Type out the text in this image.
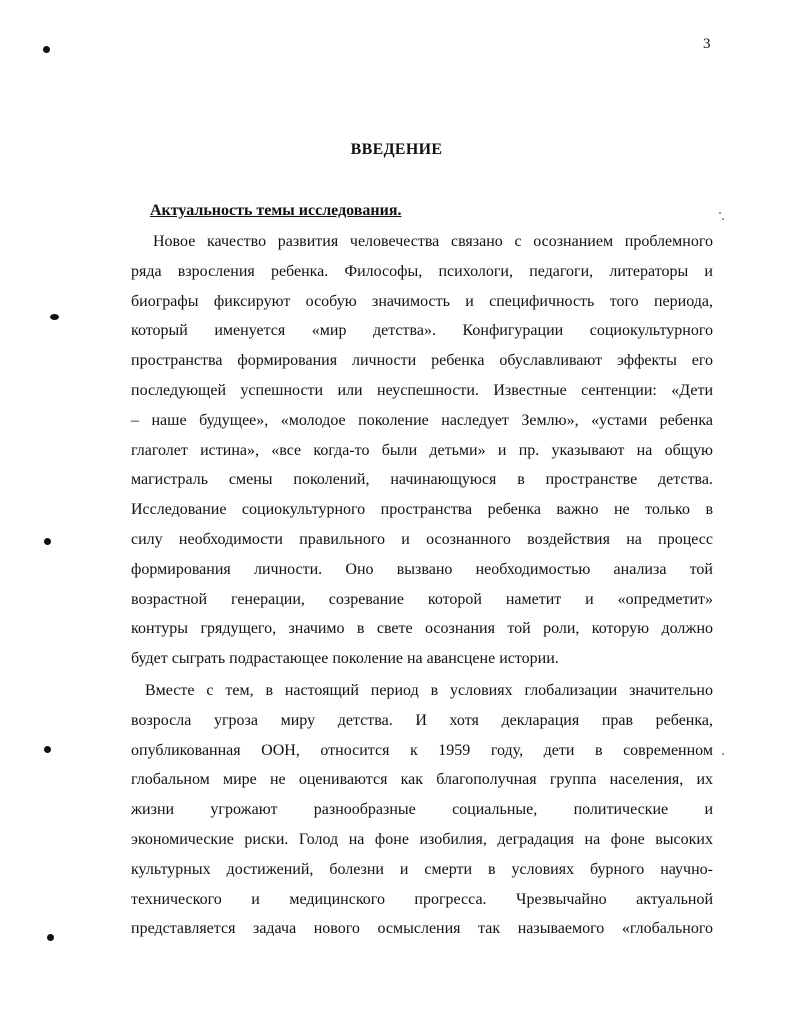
3
ВВЕДЕНИЕ
Актуальность темы исследования.
Новое качество развития человечества связано с осознанием проблемного
ряда взросления ребенка. Философы, психологи, педагоги, литераторы и
биографы фиксируют особую значимость и специфичность того периода,
который именуется «мир детства». Конфигурации социокультурного
пространства формирования личности ребенка обуславливают эффекты его
последующей успешности или неуспешности. Известные сентенции: «Дети
– наше будущее», «молодое поколение наследует Землю», «устами ребенка
глаголет истина», «все когда-то были детьми» и пр. указывают на общую
магистраль смены поколений, начинающуюся в пространстве детства.
Исследование социокультурного пространства ребенка важно не только в
силу необходимости правильного и осознанного воздействия на процесс
формирования личности. Оно вызвано необходимостью анализа той
возрастной генерации, созревание которой наметит и «опредметит»
контуры грядущего, значимо в свете осознания той роли, которую должно
будет сыграть подрастающее поколение на авансцене истории.
Вместе с тем, в настоящий период в условиях глобализации значительно
возросла угроза миру детства. И хотя декларация прав ребенка,
опубликованная ООН, относится к 1959 году, дети в современном
глобальном мире не оцениваются как благополучная группа населения, их
жизни угрожают разнообразные социальные, политические и
экономические риски. Голод на фоне изобилия, деградация на фоне высоких
культурных достижений, болезни и смерти в условиях бурного научно-
технического и медицинского прогресса. Чрезвычайно актуальной
представляется задача нового осмысления так называемого «глобального
